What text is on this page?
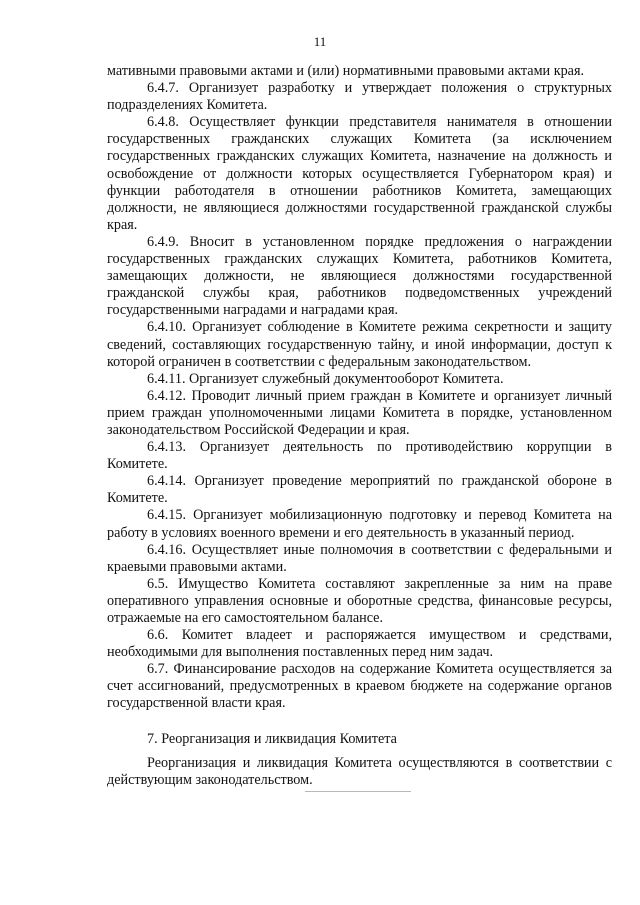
11

мативными правовыми актами и (или) нормативными правовыми актами края.

6.4.7. Организует разработку и утверждает положения о структурных подразделениях Комитета.

6.4.8. Осуществляет функции представителя нанимателя в отношении государственных гражданских служащих Комитета (за исключением государственных гражданских служащих Комитета, назначение на должность и освобождение от должности которых осуществляется Губернатором края) и функции работодателя в отношении работников Комитета, замещающих должности, не являющиеся должностями государственной гражданской службы края.

6.4.9. Вносит в установленном порядке предложения о награждении государственных гражданских служащих Комитета, работников Комитета, замещающих должности, не являющиеся должностями государственной гражданской службы края, работников подведомственных учреждений государственными наградами и наградами края.

6.4.10. Организует соблюдение в Комитете режима секретности и защиту сведений, составляющих государственную тайну, и иной информации, доступ к которой ограничен в соответствии с федеральным законодательством.

6.4.11. Организует служебный документооборот Комитета.

6.4.12. Проводит личный прием граждан в Комитете и организует личный прием граждан уполномоченными лицами Комитета в порядке, установленном законодательством Российской Федерации и края.

6.4.13. Организует деятельность по противодействию коррупции в Комитете.

6.4.14. Организует проведение мероприятий по гражданской обороне в Комитете.

6.4.15. Организует мобилизационную подготовку и перевод Комитета на работу в условиях военного времени и его деятельность в указанный период.

6.4.16. Осуществляет иные полномочия в соответствии с федеральными и краевыми правовыми актами.

6.5. Имущество Комитета составляют закрепленные за ним на праве оперативного управления основные и оборотные средства, финансовые ресурсы, отражаемые на его самостоятельном балансе.

6.6. Комитет владеет и распоряжается имуществом и средствами, необходимыми для выполнения поставленных перед ним задач.

6.7. Финансирование расходов на содержание Комитета осуществляется за счет ассигнований, предусмотренных в краевом бюджете на содержание органов государственной власти края.

7. Реорганизация и ликвидация Комитета

Реорганизация и ликвидация Комитета осуществляются в соответствии с действующим законодательством.
